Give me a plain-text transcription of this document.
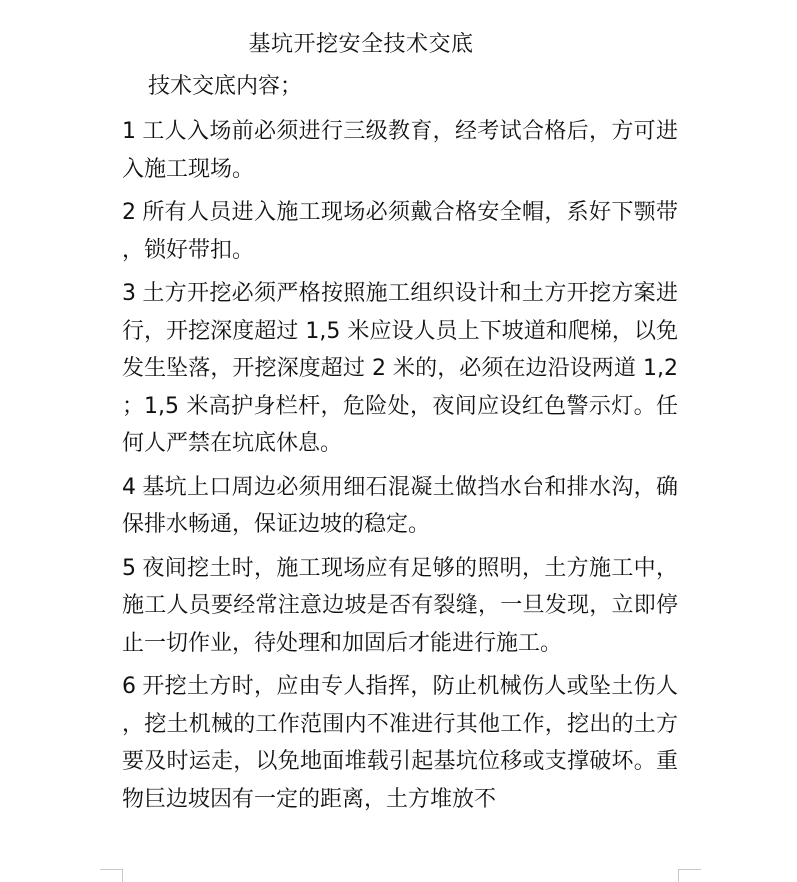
基坑开挖安全技术交底
技术交底内容；

1 工人入场前必须进行三级教育，经考试合格后，方可进入施工现场。

2 所有人员进入施工现场必须戴合格安全帽，系好下颚带，锁好带扣。

3 土方开挖必须严格按照施工组织设计和土方开挖方案进行，开挖深度超过 1,5 米应设人员上下坡道和爬梯，以免发生坠落，开挖深度超过 2 米的，必须在边沿设两道 1,2；1,5 米高护身栏杆，危险处，夜间应设红色警示灯。任何人严禁在坑底休息。

4 基坑上口周边必须用细石混凝土做挡水台和排水沟，确保排水畅通，保证边坡的稳定。

5 夜间挖土时，施工现场应有足够的照明，土方施工中，施工人员要经常注意边坡是否有裂缝，一旦发现，立即停止一切作业，待处理和加固后才能进行施工。

6 开挖土方时，应由专人指挥，防止机械伤人或坠土伤人，挖土机械的工作范围内不准进行其他工作，挖出的土方要及时运走，以免地面堆载引起基坑位移或支撑破坏。重物巨边坡因有一定的距离，土方堆放不
